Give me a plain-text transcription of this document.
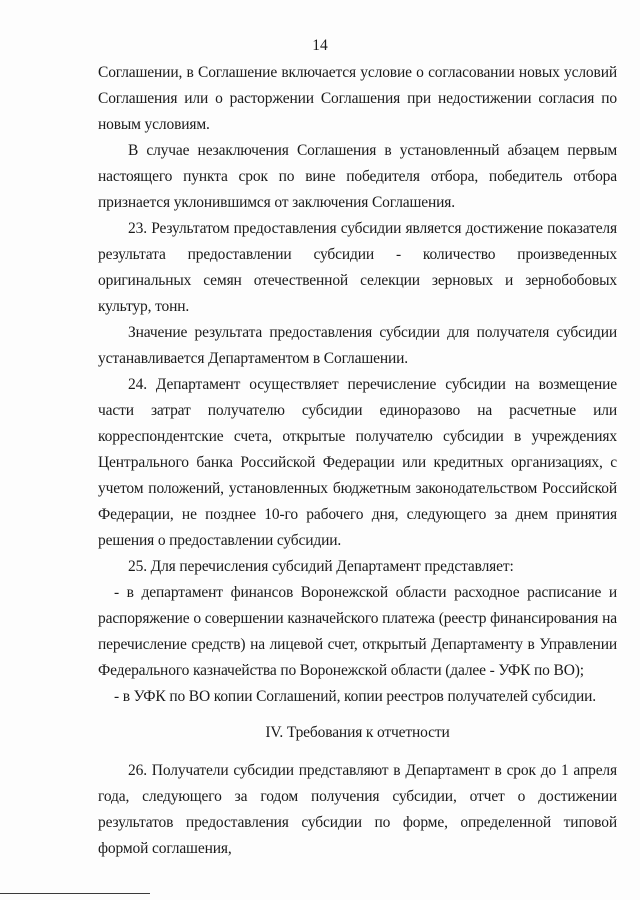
14

Соглашении, в Соглашение включается условие о согласовании новых условий Соглашения или о расторжении Соглашения при недостижении согласия по новым условиям.

В случае незаключения Соглашения в установленный абзацем первым настоящего пункта срок по вине победителя отбора, победитель отбора признается уклонившимся от заключения Соглашения.

23. Результатом предоставления субсидии является достижение показателя результата предоставлении субсидии - количество произведенных оригинальных семян отечественной селекции зерновых и зернобобовых культур, тонн.

Значение результата предоставления субсидии для получателя субсидии устанавливается Департаментом в Соглашении.

24. Департамент осуществляет перечисление субсидии на возмещение части затрат получателю субсидии единоразово на расчетные или корреспондентские счета, открытые получателю субсидии в учреждениях Центрального банка Российской Федерации или кредитных организациях, с учетом положений, установленных бюджетным законодательством Российской Федерации, не позднее 10-го рабочего дня, следующего за днем принятия решения о предоставлении субсидии.

25. Для перечисления субсидий Департамент представляет:

- в департамент финансов Воронежской области расходное расписание и распоряжение о совершении казначейского платежа (реестр финансирования на перечисление средств) на лицевой счет, открытый Департаменту в Управлении Федерального казначейства по Воронежской области (далее - УФК по ВО);

- в УФК по ВО копии Соглашений, копии реестров получателей субсидии.

IV. Требования к отчетности

26. Получатели субсидии представляют в Департамент в срок до 1 апреля года, следующего за годом получения субсидии, отчет о достижении результатов предоставления субсидии по форме, определенной типовой формой соглашения,
